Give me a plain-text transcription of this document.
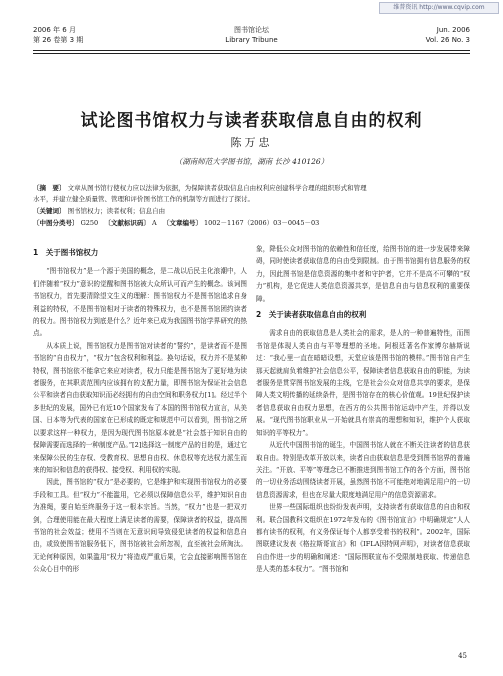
维普资讯 http://www.cqvip.com
2006 年 6 月
第 26 卷第 3 期
图书馆论坛
Library Tribune
Jun. 2006
Vol. 26 No. 3
试论图书馆权力与读者获取信息自由的权利
陈万忠
（湖南师范大学图书馆，湖南 长沙 410126）
〔摘　要〕 文章从图书馆行使权力应以法律为依据，为保障读者获取信息自由权利应创建科学合理的组织形式和管理
水平，并建立健全质量管、管理和评价图书馆工作的机制等方面进行了探讨。
〔关键词〕 图书馆权力；读者权利；信息自由
〔中图分类号〕 G250 〔文献标识码〕 A 〔文章编号〕 1002－1167（2006）03－0045－03
1　关于图书馆权力

“图书馆权力”是一个源于美国的概念，是二战以后民主化浪潮中，人们伴随着“权力”意识的觉醒和图书馆被大众所认可而产生的概念。该词图书馆权力，首先要清除望文生义的理解：图书馆权力不是图书馆追求自身利益的特权，不是图书馆相对于读者的特殊权力，也不是图书馆团约读者的权力。图书馆权力到底是什么？近年来已成为我国图书馆学界研究的热点。

从本质上说，图书馆权力是图书馆对读者的“誓约”，是读者而不是图书馆的“自由权力”，“权力”包含权利和利益。换句话说，权力并不是某种特权，图书馆依不能拿它来应对读者，权力只能是图书馆为了更好地为读者服务，在其职责范围内应该拥有的支配力量，即图书馆为保证社会信息公平和读者自由获取知识而必经拥有的自由空间和职务权力[1]。经过半个多世纪的发展，国外已有近10个国家发布了本国的图书馆权力宣言，从美国、日本等为代表的国家在已形成的既定和规范中可以看到，图书馆之所以要求这样一种权力，是因为现代图书馆原本就是“社会基于知识自由的保障需要而选择的一种制度产品。”[2]选择这一制度产品的目的是，通过它来保障公民的生存权、受教育权、思想自由权、休息权等充达权力派生而来的知识和信息的获得权、接受权、利用权的实现。

因此，图书馆的“权力”是必要的，它是维护和实现图书馆权力的必要手段和工具。但“权力”不能滥用，它必须以保障信息公平，维护知识自由为准绳，要自始至终服务于这一根本宗旨。当然，“权力”也是一把双刃剑，合理使用能在最大程度上满足读者的需要，保障读者的权益，提高图书馆的社会效益；使用不当则在无意识间导致侵犯读者的权益和信息自由，或致使图书馆服务低下，图书馆被社会所忽视，直至被社会所淘汰。无论何种原因，如果滥用“权力”将造成严重后果，它会直接影响图书馆在公众心目中的形

象，降低公众对图书馆的依赖性和信任度，给图书馆的进一步发展带来障碍，同时使读者获取信息的自由受到限制。由于图书馆拥有信息服务的权力，因此图书馆是信息资源的集中者和守护者，它并不是高不可攀的“权力”机构，是它促进人类信息资源共享，是信息自由与信息权利的重要保障。

2　关于读者获取信息自由的权利

需求自由的获取信息是人类社会的需求，是人的一种普遍特性，而图书馆是体现人类自由与平等理想的圣地。阿根廷著名作家博尔赫斯说过：“我心里一直在暗暗设想，天堂应该是图书馆的模样。”图书馆自产生那天起就肩负着维护社会信息公平，保障读者信息获取自由的职能，为读者服务是贯穿图书馆发展的主线，它是社会公众对信息共享的要求，是保障人类文明传播的延续条件，是图书馆存在的核心价值观。19世纪保护读者信息获取自由权力思想，在西方的公共图书馆运动中产生，并得以发展。“现代图书馆职业从一开始就具有崇高的理想和知识，维护个人获取知识的平等权力”。

从近代中国图书馆的诞生，中国图书馆人就在不断关注读者的信息获取自由。特别是改革开放以来，读者自由获取信息是受到图书馆界的普遍关注。“开放、平等”等理念已不断推进到图书馆工作的各个方面，图书馆的一切业务活动围绕读者开展，虽然图书馆不可能绝对地满足用户的一切信息资源需求，但也在尽量大限度地满足用户的信息资源需求。

世界一些国际组织也纷纷发表声明，支持读者有获取信息的自由和权利。联合国教科文组织在1972年发布的《图书馆宣言》中明确规定“人人都有读书的权利，有义务保证每个人都享受着书的权利”。2002年，国际图联建议发表《格拉斯哥宣言》和《IFLA因特网声明》，对读者信息获取自由作进一步的明确和阐述：“国际图联宣布不受限制地获取、传递信息是人类的基本权力”。“图书馆和

45
